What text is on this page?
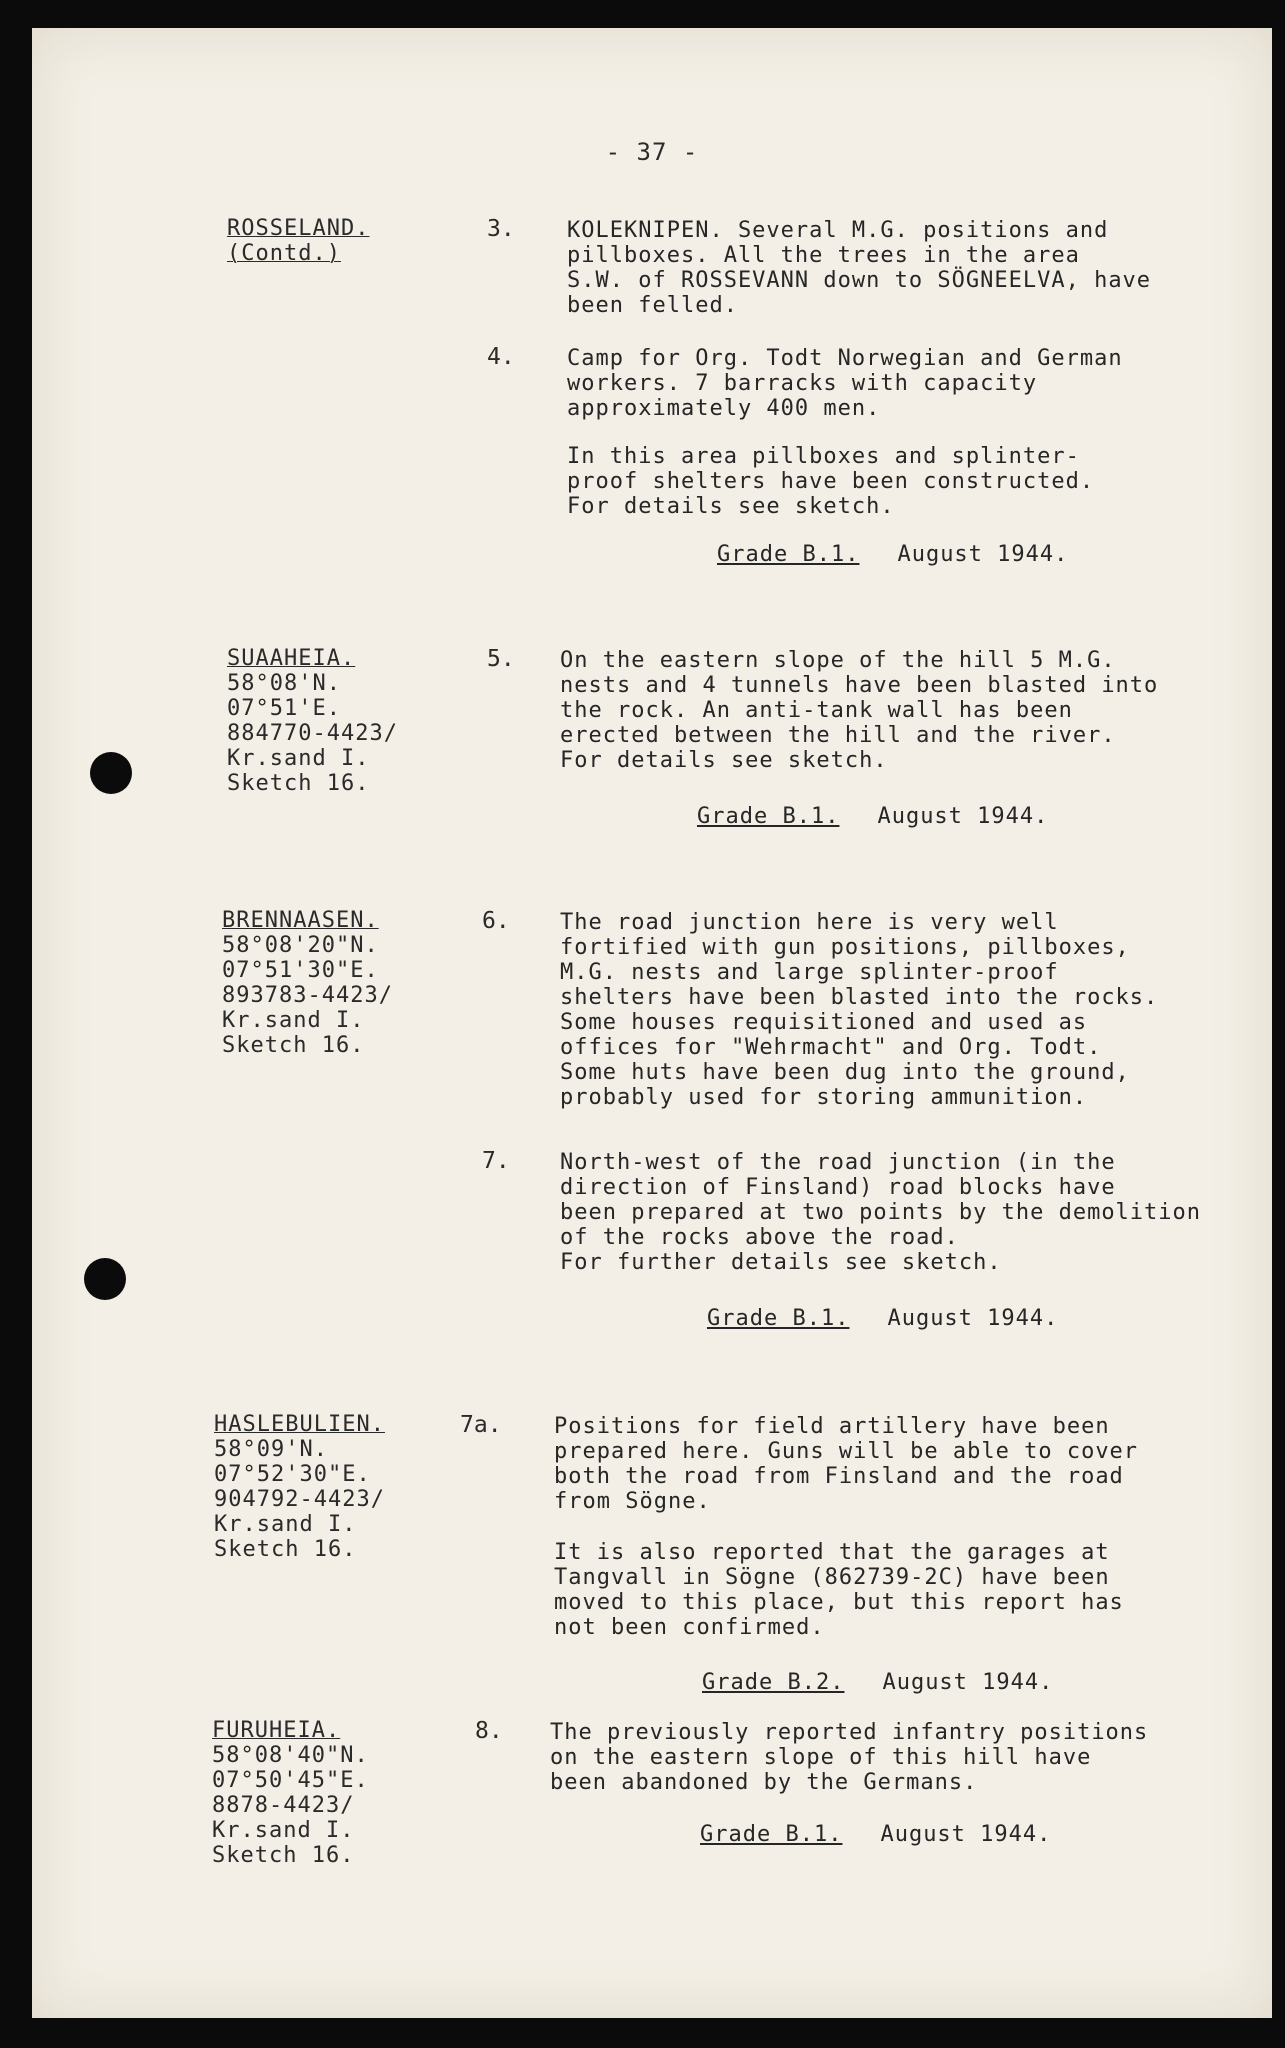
- 37 -
ROSSELAND.
(Contd.)
3. KOLEKNIPEN. Several M.G. positions and
pillboxes. All the trees in the area
S.W. of ROSSEVANN down to SÖGNEELVA, have
been felled.
4. Camp for Org. Todt Norwegian and German
workers. 7 barracks with capacity
approximately 400 men.
In this area pillboxes and splinter-
proof shelters have been constructed.
For details see sketch.
Grade B.1. August 1944.
SUAAHEIA.
58°08'N.
07°51'E.
884770-4423/
Kr.sand I.
Sketch 16.
5. On the eastern slope of the hill 5 M.G.
nests and 4 tunnels have been blasted into
the rock. An anti-tank wall has been
erected between the hill and the river.
For details see sketch.
Grade B.1. August 1944.
BRENNAASEN.
58°08'20"N.
07°51'30"E.
893783-4423/
Kr.sand I.
Sketch 16.
6. The road junction here is very well
fortified with gun positions, pillboxes,
M.G. nests and large splinter-proof
shelters have been blasted into the rocks.
Some houses requisitioned and used as
offices for "Wehrmacht" and Org. Todt.
Some huts have been dug into the ground,
probably used for storing ammunition.
7. North-west of the road junction (in the
direction of Finsland) road blocks have
been prepared at two points by the demolition
of the rocks above the road.
For further details see sketch.
Grade B.1. August 1944.
HASLEBULIEN.
58°09'N.
07°52'30"E.
904792-4423/
Kr.sand I.
Sketch 16.
7a. Positions for field artillery have been
prepared here. Guns will be able to cover
both the road from Finsland and the road
from Sögne.
It is also reported that the garages at
Tangvall in Sögne (862739-2C) have been
moved to this place, but this report has
not been confirmed.
Grade B.2. August 1944.
FURUHEIA.
58°08'40"N.
07°50'45"E.
8878-4423/
Kr.sand I.
Sketch 16.
8. The previously reported infantry positions
on the eastern slope of this hill have
been abandoned by the Germans.
Grade B.1. August 1944.
